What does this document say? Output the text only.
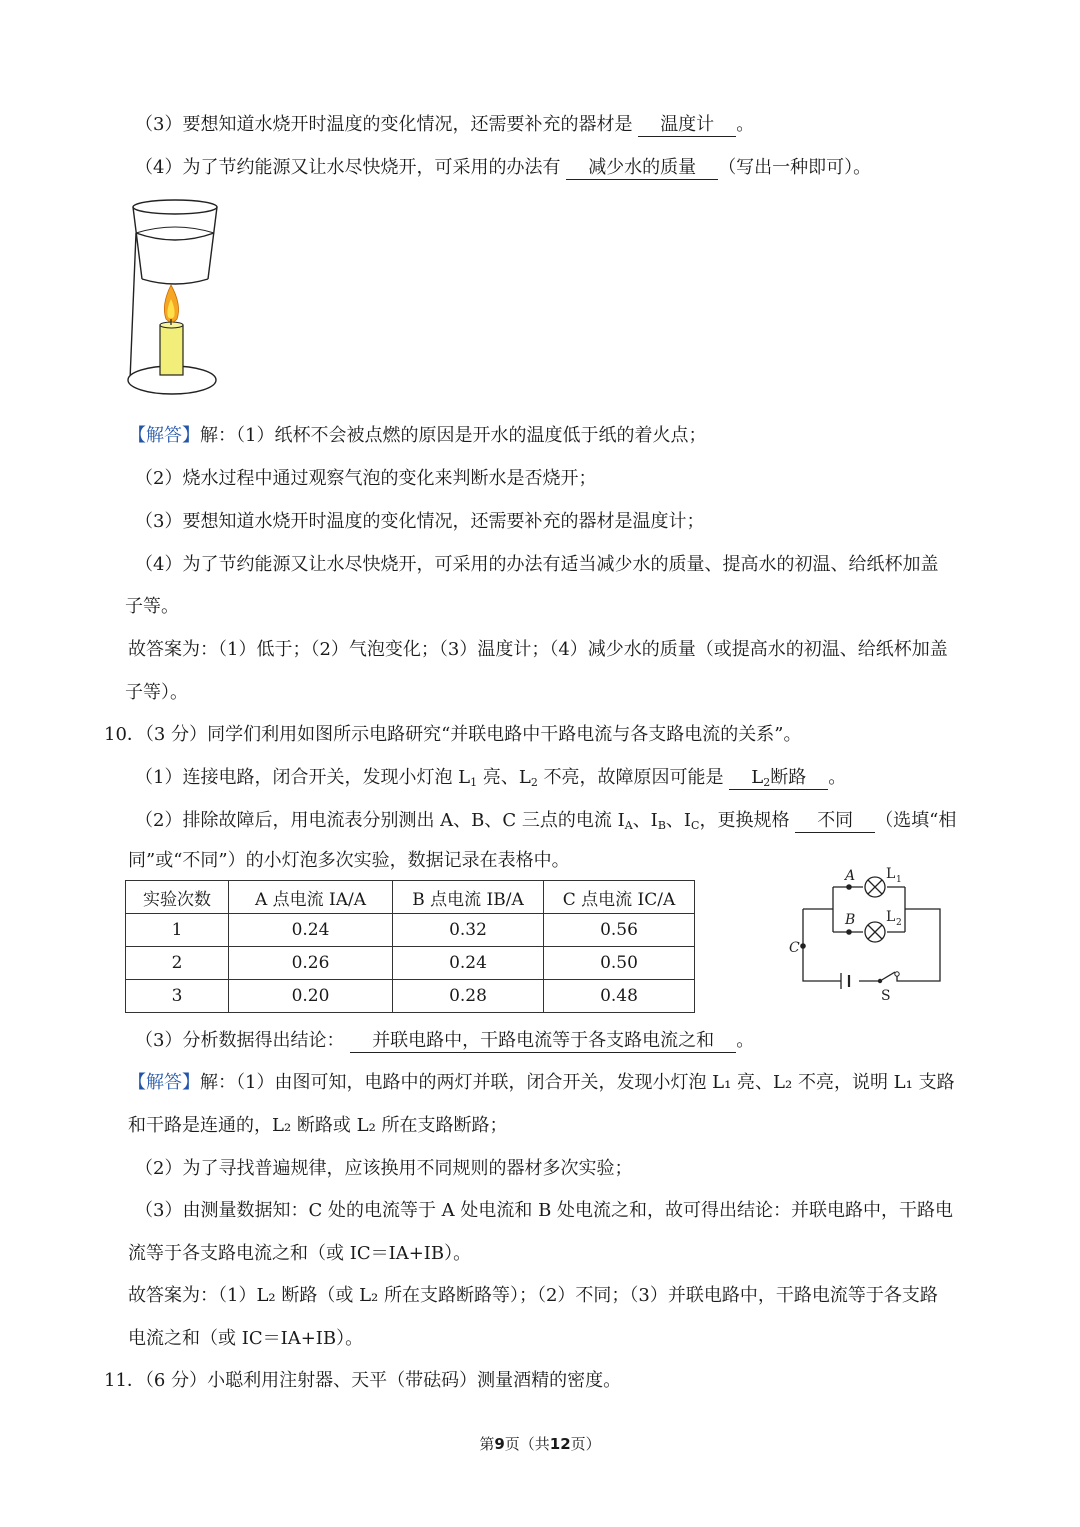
（3）要想知道水烧开时温度的变化情况，还需要补充的器材是 温度计 。
（4）为了节约能源又让水尽快烧开，可采用的办法有 减少水的质量 （写出一种即可）。
【解答】解：（1）纸杯不会被点燃的原因是开水的温度低于纸的着火点；
（2）烧水过程中通过观察气泡的变化来判断水是否烧开；
（3）要想知道水烧开时温度的变化情况，还需要补充的器材是温度计；
（4）为了节约能源又让水尽快烧开，可采用的办法有适当减少水的质量、提高水的初温、给纸杯加盖
子等。
故答案为：（1）低于；（2）气泡变化；（3）温度计；（4）减少水的质量（或提高水的初温、给纸杯加盖
子等）。
10．（3 分）同学们利用如图所示电路研究“并联电路中干路电流与各支路电流的关系”。
（1）连接电路，闭合开关，发现小灯泡 $L_1$ 亮、$L_2$ 不亮，故障原因可能是 $L_2$断路 。
（2）排除故障后，用电流表分别测出 A、B、C 三点的电流 $I_A$、$I_B$、$I_C$，更换规格 不同 （选填“相
同”或“不同”）的小灯泡多次实验，数据记录在表格中。
实验次数	A 点电流 IA/A	B 点电流 IB/A	C 点电流 IC/A
1	0.24	0.32	0.56
2	0.26	0.24	0.50
3	0.20	0.28	0.48
A
B
C
L 1
L 2
S
（3）分析数据得出结论： 并联电路中，干路电流等于各支路电流之和 。
【解答】解：（1）由图可知，电路中的两灯并联，闭合开关，发现小灯泡 L₁ 亮、L₂ 不亮，说明 L₁ 支路
和干路是连通的，L₂ 断路或 L₂ 所在支路断路；
（2）为了寻找普遍规律，应该换用不同规则的器材多次实验；
（3）由测量数据知：C 处的电流等于 A 处电流和 B 处电流之和，故可得出结论：并联电路中，干路电
流等于各支路电流之和（或 IC＝IA+IB）。
故答案为：（1）L₂ 断路（或 L₂ 所在支路断路等）；（2）不同；（3）并联电路中，干路电流等于各支路
电流之和（或 IC＝IA+IB）。
11．（6 分）小聪利用注射器、天平（带砝码）测量酒精的密度。
第9页（共12页）
